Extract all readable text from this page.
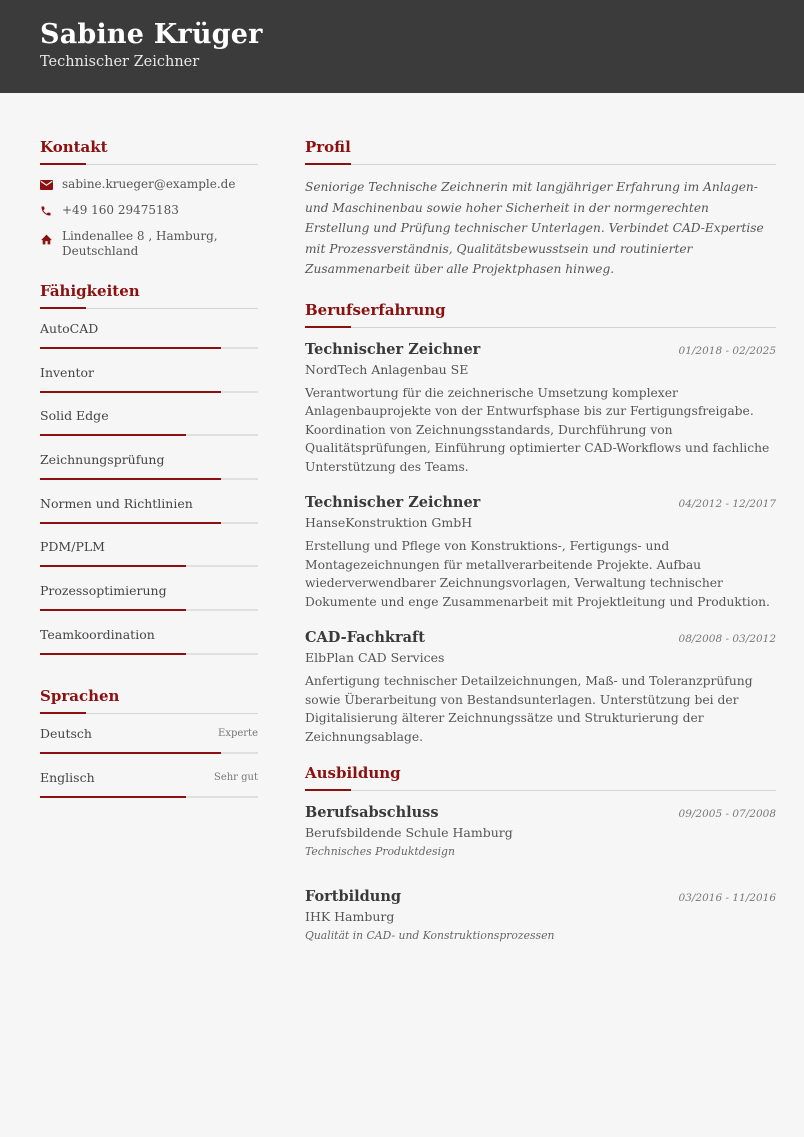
Sabine Krüger
Technischer Zeichner
Kontakt
sabine.krueger@example.de
+49 160 29475183
Lindenallee 8 , Hamburg, Deutschland
Fähigkeiten
AutoCAD
Inventor
Solid Edge
Zeichnungsprüfung
Normen und Richtlinien
PDM/PLM
Prozessoptimierung
Teamkoordination
Sprachen
Deutsch	Experte
Englisch	Sehr gut
Profil
Seniorige Technische Zeichnerin mit langjähriger Erfahrung im Anlagen- und Maschinenbau sowie hoher Sicherheit in der normgerechten Erstellung und Prüfung technischer Unterlagen. Verbindet CAD-Expertise mit Prozessverständnis, Qualitätsbewusstsein und routinierter Zusammenarbeit über alle Projektphasen hinweg.
Berufserfahrung
Technischer Zeichner	01/2018 - 02/2025
NordTech Anlagenbau SE
Verantwortung für die zeichnerische Umsetzung komplexer Anlagenbauprojekte von der Entwurfsphase bis zur Fertigungsfreigabe. Koordination von Zeichnungsstandards, Durchführung von Qualitätsprüfungen, Einführung optimierter CAD-Workflows und fachliche Unterstützung des Teams.
Technischer Zeichner	04/2012 - 12/2017
HanseKonstruktion GmbH
Erstellung und Pflege von Konstruktions-, Fertigungs- und Montagezeichnungen für metallverarbeitende Projekte. Aufbau wiederverwendbarer Zeichnungsvorlagen, Verwaltung technischer Dokumente und enge Zusammenarbeit mit Projektleitung und Produktion.
CAD-Fachkraft	08/2008 - 03/2012
ElbPlan CAD Services
Anfertigung technischer Detailzeichnungen, Maß- und Toleranzprüfung sowie Überarbeitung von Bestandsunterlagen. Unterstützung bei der Digitalisierung älterer Zeichnungssätze und Strukturierung der Zeichnungsablage.
Ausbildung
Berufsabschluss	09/2005 - 07/2008
Berufsbildende Schule Hamburg
Technisches Produktdesign
Fortbildung	03/2016 - 11/2016
IHK Hamburg
Qualität in CAD- und Konstruktionsprozessen
